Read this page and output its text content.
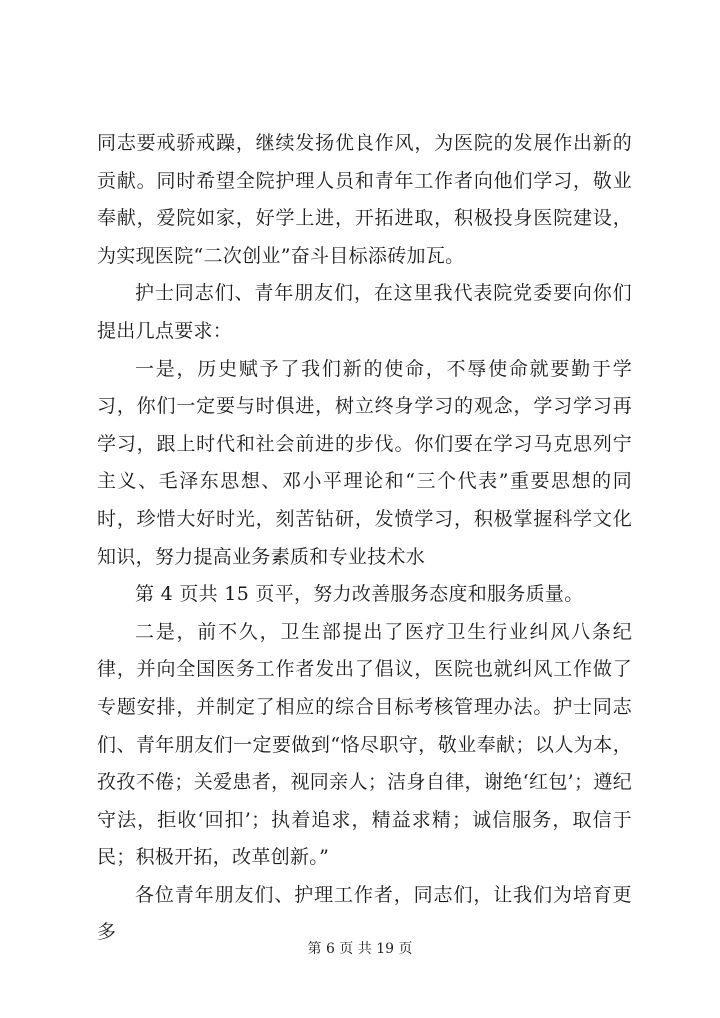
同志要戒骄戒躁，继续发扬优良作风，为医院的发展作出新的贡献。同时希望全院护理人员和青年工作者向他们学习，敬业奉献，爱院如家，好学上进，开拓进取，积极投身医院建设，为实现医院“二次创业”奋斗目标添砖加瓦。

护士同志们、青年朋友们，在这里我代表院党委要向你们提出几点要求：

一是，历史赋予了我们新的使命，不辱使命就要勤于学习，你们一定要与时俱进，树立终身学习的观念，学习学习再学习，跟上时代和社会前进的步伐。你们要在学习马克思列宁主义、毛泽东思想、邓小平理论和“三个代表”重要思想的同时，珍惜大好时光，刻苦钻研，发愤学习，积极掌握科学文化知识，努力提高业务素质和专业技术水

第 4 页共 15 页平，努力改善服务态度和服务质量。

二是，前不久，卫生部提出了医疗卫生行业纠风八条纪律，并向全国医务工作者发出了倡议，医院也就纠风工作做了专题安排，并制定了相应的综合目标考核管理办法。护士同志们、青年朋友们一定要做到“恪尽职守，敬业奉献；以人为本，孜孜不倦；关爱患者，视同亲人；洁身自律，谢绝‘红包’；遵纪守法，拒收‘回扣’；执着追求，精益求精；诚信服务，取信于民；积极开拓，改革创新。”

各位青年朋友们、护理工作者，同志们，让我们为培育更多

第 6 页 共 19 页
